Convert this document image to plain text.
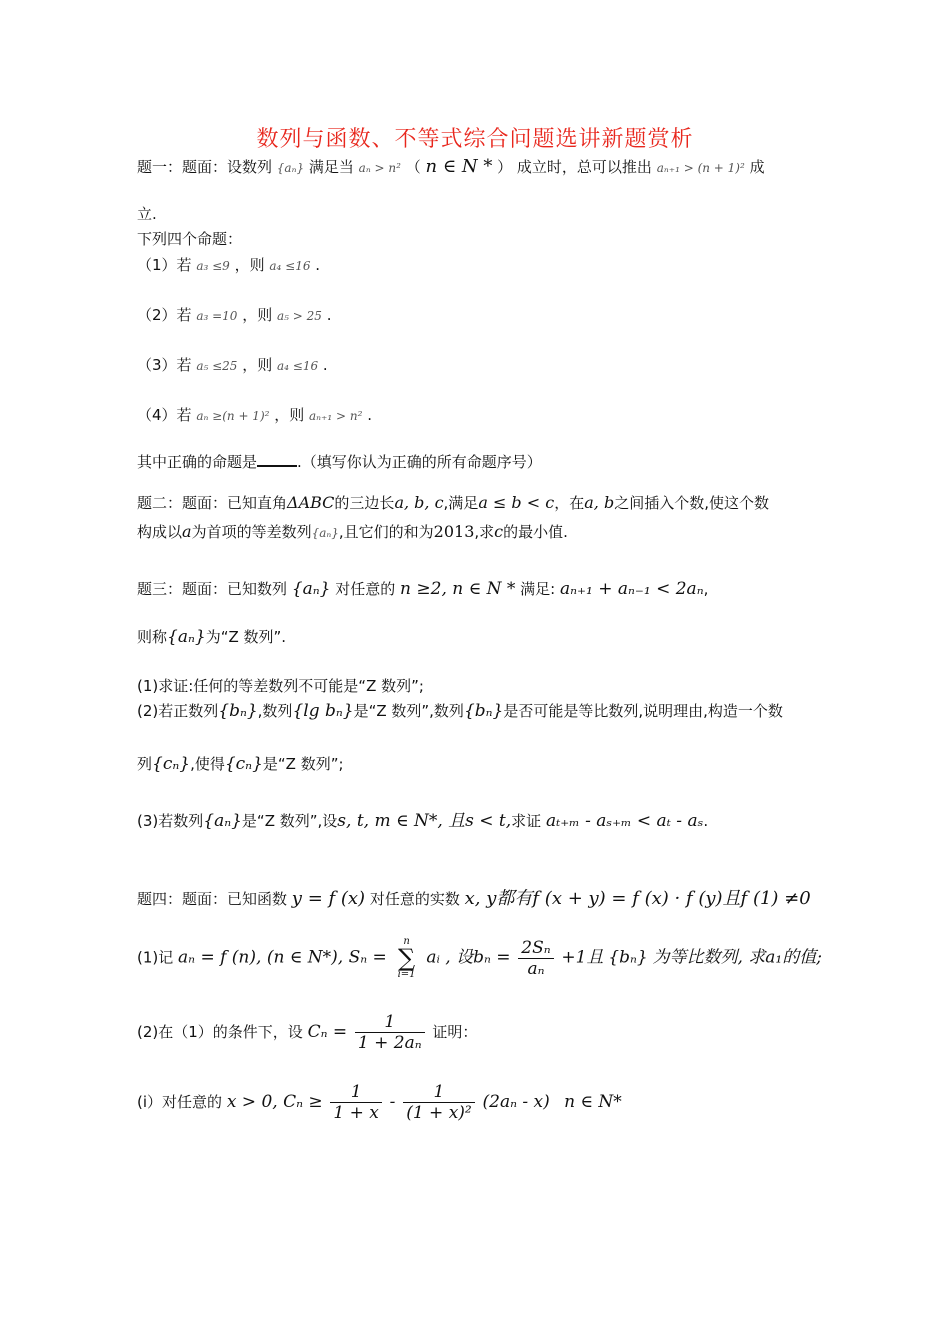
数列与函数、不等式综合问题选讲新题赏析
题一：题面：设数列 {aₙ} 满足当 aₙ > n² （ n ∈ N * ） 成立时，总可以推出 aₙ₊₁ > (n + 1)² 成
立.
下列四个命题：
（1）若 a₃ ≤9 ，则 a₄ ≤16 .
（2）若 a₃ =10 ，则 a₅ > 25 .
（3）若 a₅ ≤25 ，则 a₄ ≤16 .
（4）若 aₙ ≥(n + 1)² ，则 aₙ₊₁ > n² .
其中正确的命题是	.（填写你认为正确的所有命题序号）
题二：题面：已知直角ΔABC的三边长a, b, c,满足a ≤ b < c，在a, b之间插入个数,使这个数
构成以a为首项的等差数列{aₙ},且它们的和为2013,求c的最小值.
题三：题面：已知数列 {aₙ} 对任意的 n ≥2, n ∈ N * 满足: aₙ₊₁ + aₙ₋₁ < 2aₙ,
则称{aₙ}为“Z 数列”.
(1)求证:任何的等差数列不可能是“Z 数列”;
(2)若正数列{bₙ},数列{lg bₙ}是“Z 数列”,数列{bₙ}是否可能是等比数列,说明理由,构造一个数
列{cₙ},使得{cₙ}是“Z 数列”;
(3)若数列{aₙ}是“Z 数列”,设s, t, m ∈ N*, 且s < t,求证 aₜ₊ₘ - aₛ₊ₘ < aₜ - aₛ.
题四：题面：已知函数 y = f (x) 对任意的实数 x, y都有f (x + y) = f (x) · f (y)且f (1) ≠0
(1)记 aₙ = f (n), (n ∈ N*), Sₙ =
n
∑
i=1
aᵢ , 设$b_n = \frac{\text{2Sₙ}}{\text{aₙ}} +1$且 {bₙ} 为等比数列, 求a₁的值;
(2)在（1）的条件下，设 $C_n = \frac{1}{\text{1 + 2aₙ}}$ 证明：
(i）对任意的 x > 0, $C_n \ge \frac{1}{1 + x} - \frac{1}{\text{(1 + x)²}} (2a_n - x)$ n ∈ N*
